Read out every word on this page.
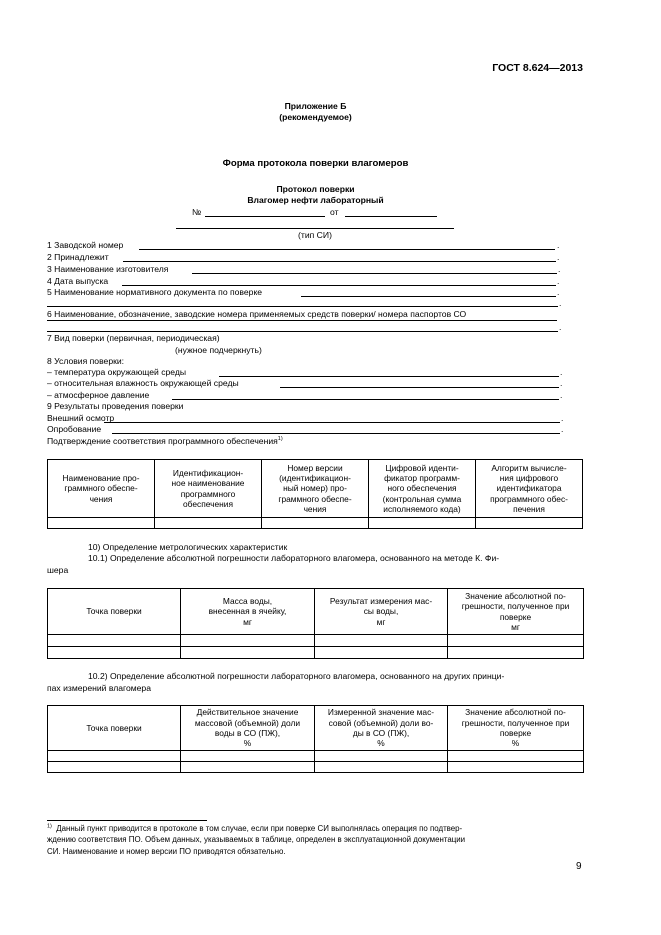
ГОСТ 8.624—2013
Приложение Б
(рекомендуемое)
Форма протокола поверки влагомеров
Протокол поверки
Влагомер нефти лабораторный
№	от
(тип СИ)
1 Заводской номер	.
2 Принадлежит	.
3 Наименование изготовителя	.
4 Дата выпуска	.
5 Наименование нормативного документа по поверке	.
.
6 Наименование, обозначение, заводские номера применяемых средств поверки/ номера паспортов СО
.
7 Вид поверки (первичная, периодическая)
(нужное подчеркнуть)
8 Условия поверки:
– температура окружающей среды	.
– относительная влажность окружающей среды	.
– атмосферное давление	.
9 Результаты проведения поверки
Внешний осмотр	.
Опробование	.
Подтверждение соответствия программного обеспечения$^{1)}$
Наименование про-
граммного обеспе-
чения	Идентификацион-
ное наименование
программного
обеспечения	Номер версии
(идентификацион-
ный номер) про-
граммного обеспе-
чения	Цифровой иденти-
фикатор программ-
ного обеспечения
(контрольная сумма
исполняемого кода)	Алгоритм вычисле-
ния цифрового
идентификатора
программного обес-
печения

10) Определение метрологических характеристик
10.1) Определение абсолютной погрешности лабораторного влагомера, основанного на методе К. Фи-
шера
Точка поверки	Масса воды,
внесенная в ячейку,
мг	Результат измерения мас-
сы воды,
мг	Значение абсолютной по-
грешности, полученное при
поверке
мг

10.2) Определение абсолютной погрешности лабораторного влагомера, основанного на других принци-
пах измерений влагомера
Точка поверки	Действительное значение
массовой (объемной) доли
воды в СО (ПЖ),
%	Измеренной значение мас-
совой (объемной) доли во-
ды в СО (ПЖ),
%	Значение абсолютной по-
грешности, полученное при
поверке
%

$^{1)}$ Данный пункт приводится в протоколе в том случае, если при поверке СИ выполнялась операция по подтвер-
ждению соответствия ПО. Объем данных, указываемых в таблице, определен в эксплуатационной документации
СИ. Наименование и номер версии ПО приводятся обязательно.
9
